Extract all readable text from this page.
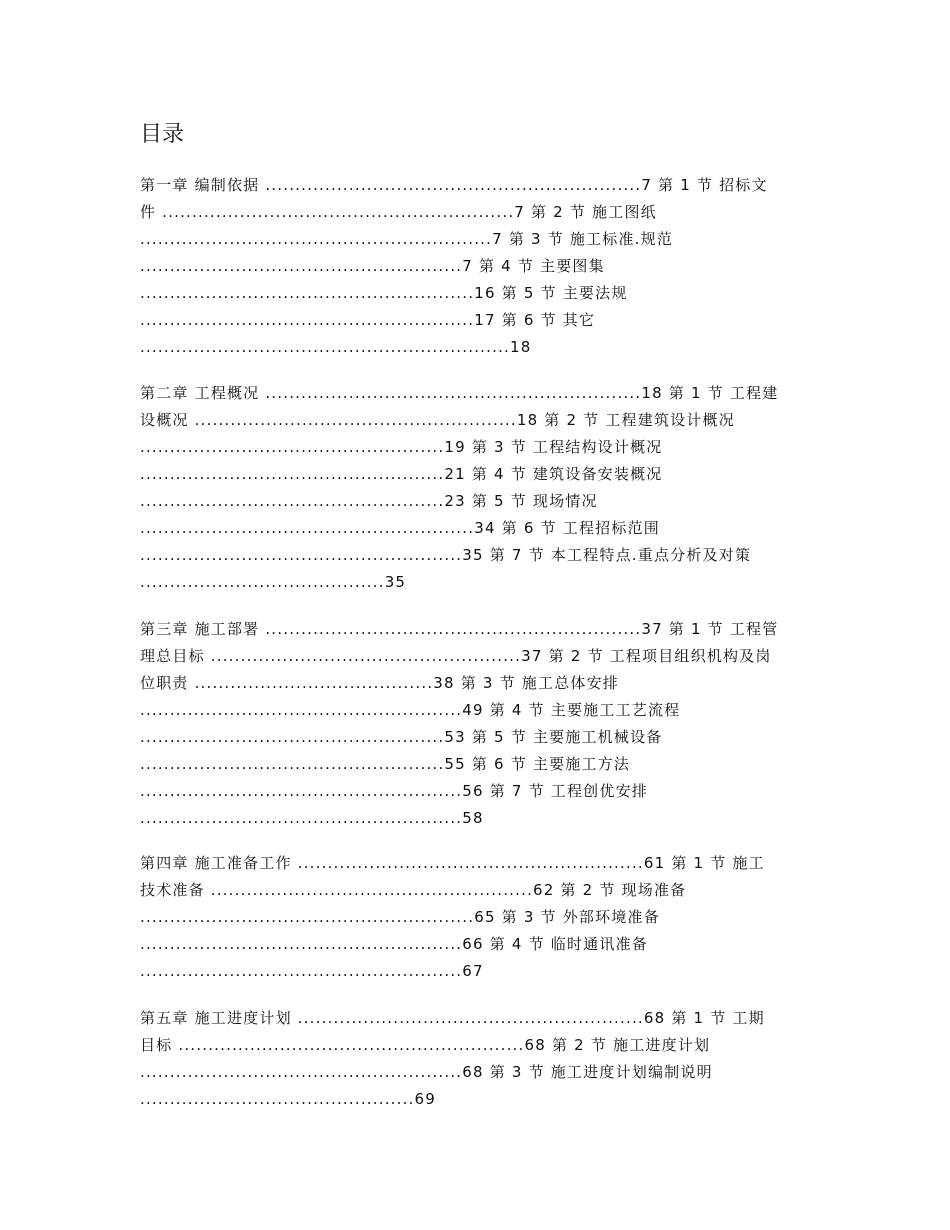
目录
第一章 编制依据 ...............................................................7 第 1 节 招标文
件 ...........................................................7 第 2 节 施工图纸
...........................................................7 第 3 节 施工标准.规范
......................................................7 第 4 节 主要图集
........................................................16 第 5 节 主要法规
........................................................17 第 6 节 其它
..............................................................18
第二章 工程概况 ...............................................................18 第 1 节 工程建
设概况 ......................................................18 第 2 节 工程建筑设计概况
...................................................19 第 3 节 工程结构设计概况
...................................................21 第 4 节 建筑设备安装概况
...................................................23 第 5 节 现场情况
........................................................34 第 6 节 工程招标范围
......................................................35 第 7 节 本工程特点.重点分析及对策
.........................................35
第三章 施工部署 ...............................................................37 第 1 节 工程管
理总目标 ....................................................37 第 2 节 工程项目组织机构及岗
位职责 ........................................38 第 3 节 施工总体安排
......................................................49 第 4 节 主要施工工艺流程
...................................................53 第 5 节 主要施工机械设备
...................................................55 第 6 节 主要施工方法
......................................................56 第 7 节 工程创优安排
......................................................58
第四章 施工准备工作 ..........................................................61 第 1 节 施工
技术准备 ......................................................62 第 2 节 现场准备
........................................................65 第 3 节 外部环境准备
......................................................66 第 4 节 临时通讯准备
......................................................67
第五章 施工进度计划 ..........................................................68 第 1 节 工期
目标 ..........................................................68 第 2 节 施工进度计划
......................................................68 第 3 节 施工进度计划编制说明
..............................................69
